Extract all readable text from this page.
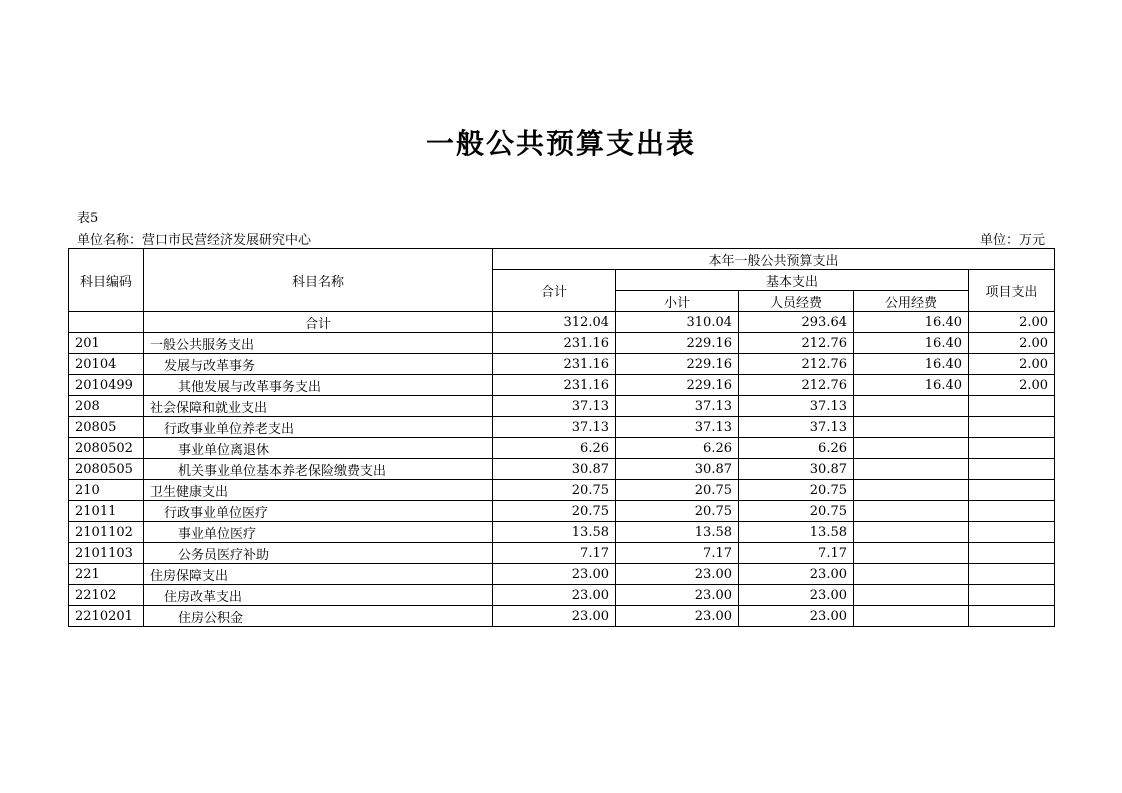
一般公共预算支出表
表5
单位名称：营口市民营经济发展研究中心	单位：万元
科目编码	科目名称	本年一般公共预算支出				
		合计	基本支出			项目支出
			小计	人员经费	公用经费	
	合计	312.04	310.04	293.64	16.40	2.00
201	一般公共服务支出	231.16	229.16	212.76	16.40	2.00
20104	发展与改革事务	231.16	229.16	212.76	16.40	2.00
2010499	其他发展与改革事务支出	231.16	229.16	212.76	16.40	2.00
208	社会保障和就业支出	37.13	37.13	37.13		
20805	行政事业单位养老支出	37.13	37.13	37.13		
2080502	事业单位离退休	6.26	6.26	6.26		
2080505	机关事业单位基本养老保险缴费支出	30.87	30.87	30.87		
210	卫生健康支出	20.75	20.75	20.75		
21011	行政事业单位医疗	20.75	20.75	20.75		
2101102	事业单位医疗	13.58	13.58	13.58		
2101103	公务员医疗补助	7.17	7.17	7.17		
221	住房保障支出	23.00	23.00	23.00		
22102	住房改革支出	23.00	23.00	23.00		
2210201	住房公积金	23.00	23.00	23.00		
